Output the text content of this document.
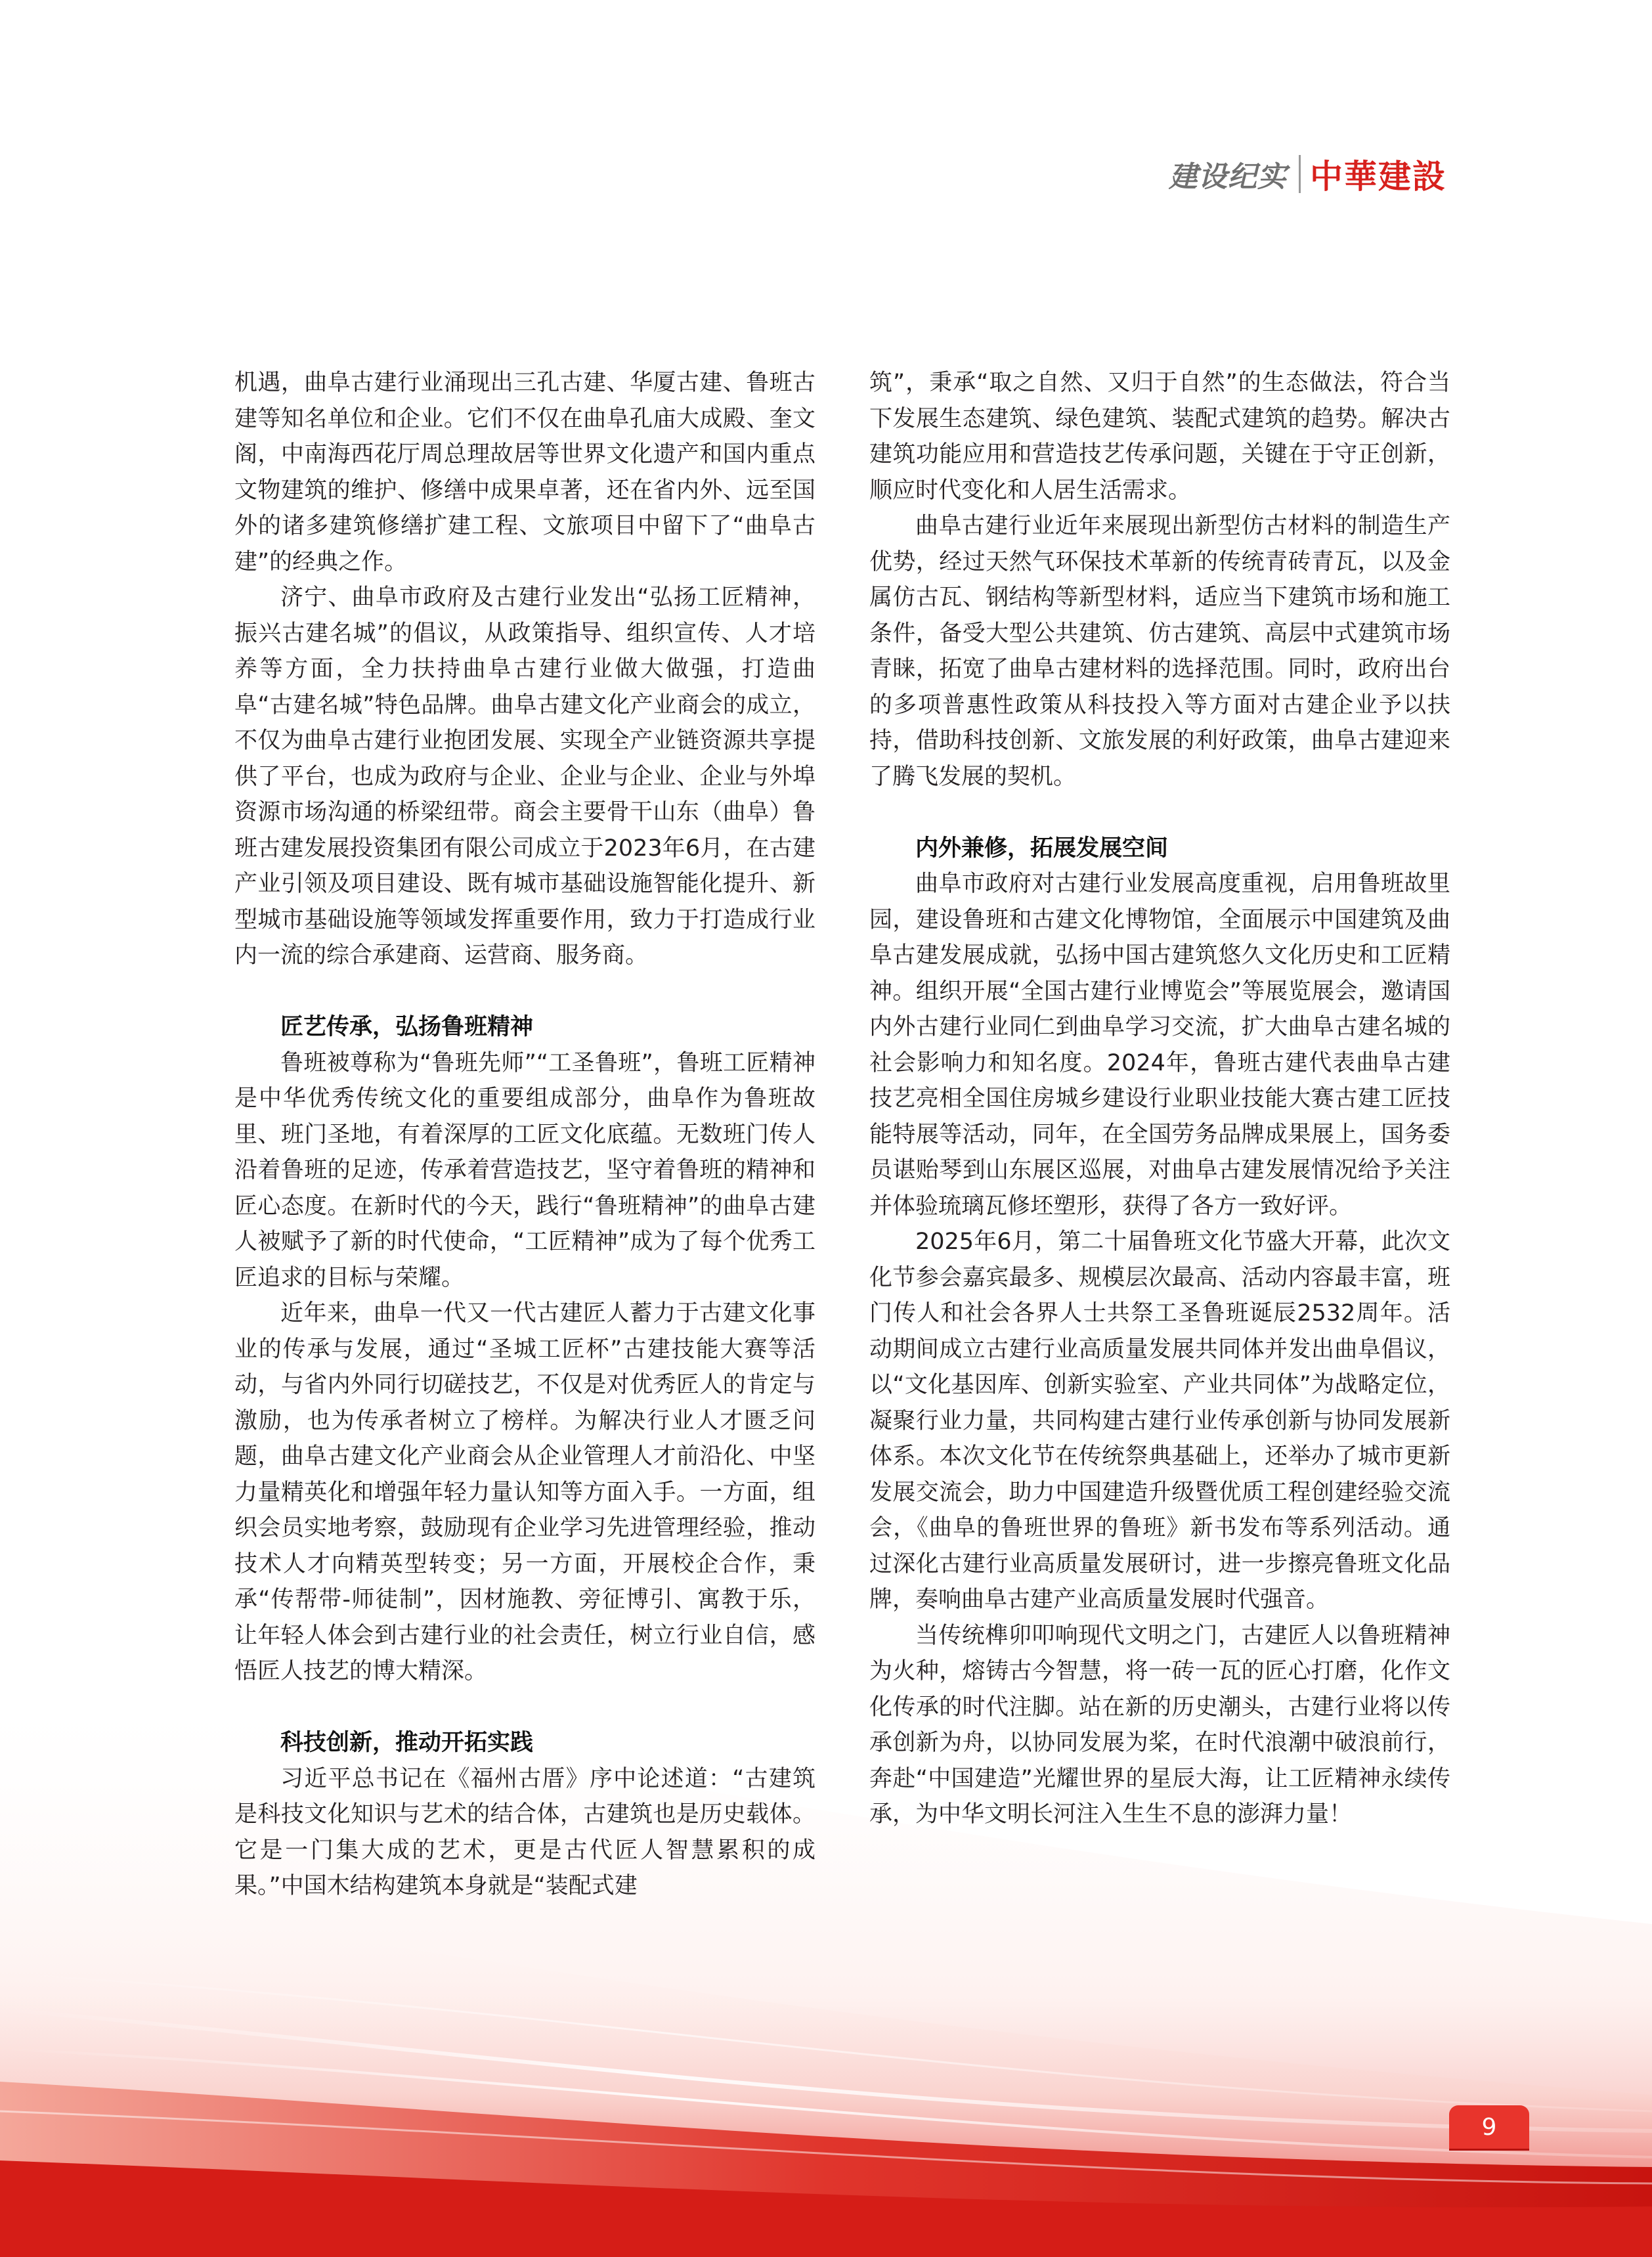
建设纪实 中華建設

机遇，曲阜古建行业涌现出三孔古建、华厦古建、鲁班古建等知名单位和企业。它们不仅在曲阜孔庙大成殿、奎文阁，中南海西花厅周总理故居等世界文化遗产和国内重点文物建筑的维护、修缮中成果卓著，还在省内外、远至国外的诸多建筑修缮扩建工程、文旅项目中留下了“曲阜古建”的经典之作。

济宁、曲阜市政府及古建行业发出“弘扬工匠精神，振兴古建名城”的倡议，从政策指导、组织宣传、人才培养等方面，全力扶持曲阜古建行业做大做强，打造曲阜“古建名城”特色品牌。曲阜古建文化产业商会的成立，不仅为曲阜古建行业抱团发展、实现全产业链资源共享提供了平台，也成为政府与企业、企业与企业、企业与外埠资源市场沟通的桥梁纽带。商会主要骨干山东（曲阜）鲁班古建发展投资集团有限公司成立于2023年6月，在古建产业引领及项目建设、既有城市基础设施智能化提升、新型城市基础设施等领域发挥重要作用，致力于打造成行业内一流的综合承建商、运营商、服务商。

匠艺传承，弘扬鲁班精神

鲁班被尊称为“鲁班先师”“工圣鲁班”，鲁班工匠精神是中华优秀传统文化的重要组成部分，曲阜作为鲁班故里、班门圣地，有着深厚的工匠文化底蕴。无数班门传人沿着鲁班的足迹，传承着营造技艺，坚守着鲁班的精神和匠心态度。在新时代的今天，践行“鲁班精神”的曲阜古建人被赋予了新的时代使命，“工匠精神”成为了每个优秀工匠追求的目标与荣耀。

近年来，曲阜一代又一代古建匠人蓄力于古建文化事业的传承与发展，通过“圣城工匠杯”古建技能大赛等活动，与省内外同行切磋技艺，不仅是对优秀匠人的肯定与激励，也为传承者树立了榜样。为解决行业人才匮乏问题，曲阜古建文化产业商会从企业管理人才前沿化、中坚力量精英化和增强年轻力量认知等方面入手。一方面，组织会员实地考察，鼓励现有企业学习先进管理经验，推动技术人才向精英型转变；另一方面，开展校企合作，秉承“传帮带-师徒制”，因材施教、旁征博引、寓教于乐，让年轻人体会到古建行业的社会责任，树立行业自信，感悟匠人技艺的博大精深。

科技创新，推动开拓实践

习近平总书记在《福州古厝》序中论述道：“古建筑是科技文化知识与艺术的结合体，古建筑也是历史载体。它是一门集大成的艺术，更是古代匠人智慧累积的成果。”中国木结构建筑本身就是“装配式建

筑”，秉承“取之自然、又归于自然”的生态做法，符合当下发展生态建筑、绿色建筑、装配式建筑的趋势。解决古建筑功能应用和营造技艺传承问题，关键在于守正创新，顺应时代变化和人居生活需求。

曲阜古建行业近年来展现出新型仿古材料的制造生产优势，经过天然气环保技术革新的传统青砖青瓦，以及金属仿古瓦、钢结构等新型材料，适应当下建筑市场和施工条件，备受大型公共建筑、仿古建筑、高层中式建筑市场青睐，拓宽了曲阜古建材料的选择范围。同时，政府出台的多项普惠性政策从科技投入等方面对古建企业予以扶持，借助科技创新、文旅发展的利好政策，曲阜古建迎来了腾飞发展的契机。

内外兼修，拓展发展空间

曲阜市政府对古建行业发展高度重视，启用鲁班故里园，建设鲁班和古建文化博物馆，全面展示中国建筑及曲阜古建发展成就，弘扬中国古建筑悠久文化历史和工匠精神。组织开展“全国古建行业博览会”等展览展会，邀请国内外古建行业同仁到曲阜学习交流，扩大曲阜古建名城的社会影响力和知名度。2024年，鲁班古建代表曲阜古建技艺亮相全国住房城乡建设行业职业技能大赛古建工匠技能特展等活动，同年，在全国劳务品牌成果展上，国务委员谌贻琴到山东展区巡展，对曲阜古建发展情况给予关注并体验琉璃瓦修坯塑形，获得了各方一致好评。

2025年6月，第二十届鲁班文化节盛大开幕，此次文化节参会嘉宾最多、规模层次最高、活动内容最丰富，班门传人和社会各界人士共祭工圣鲁班诞辰2532周年。活动期间成立古建行业高质量发展共同体并发出曲阜倡议，以“文化基因库、创新实验室、产业共同体”为战略定位，凝聚行业力量，共同构建古建行业传承创新与协同发展新体系。本次文化节在传统祭典基础上，还举办了城市更新发展交流会，助力中国建造升级暨优质工程创建经验交流会，《曲阜的鲁班世界的鲁班》新书发布等系列活动。通过深化古建行业高质量发展研讨，进一步擦亮鲁班文化品牌，奏响曲阜古建产业高质量发展时代强音。

当传统榫卯叩响现代文明之门，古建匠人以鲁班精神为火种，熔铸古今智慧，将一砖一瓦的匠心打磨，化作文化传承的时代注脚。站在新的历史潮头，古建行业将以传承创新为舟，以协同发展为桨，在时代浪潮中破浪前行，奔赴“中国建造”光耀世界的星辰大海，让工匠精神永续传承，为中华文明长河注入生生不息的澎湃力量！

9
